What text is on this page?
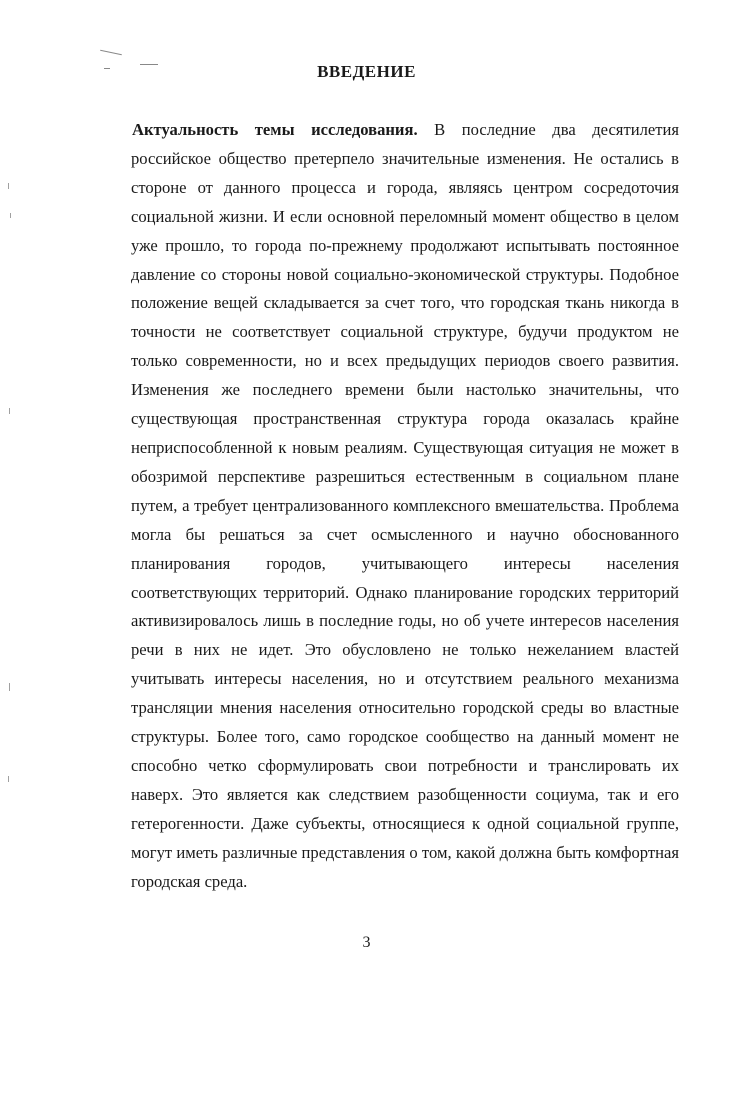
ВВЕДЕНИЕ
Актуальность темы исследования. В последние два десятилетия российское общество претерпело значительные изменения. Не остались в стороне от данного процесса и города, являясь центром сосредоточия социальной жизни. И если основной переломный момент общество в целом уже прошло, то города по-прежнему продолжают испытывать постоянное давление со стороны новой социально-экономической структуры. Подобное положение вещей складывается за счет того, что городская ткань никогда в точности не соответствует социальной структуре, будучи продуктом не только современности, но и всех предыдущих периодов своего развития. Изменения же последнего времени были настолько значительны, что существующая пространственная структура города оказалась крайне неприспособленной к новым реалиям. Существующая ситуация не может в обозримой перспективе разрешиться естественным в социальном плане путем, а требует централизованного комплексного вмешательства. Проблема могла бы решаться за счет осмысленного и научно обоснованного планирования городов, учитывающего интересы населения соответствующих территорий. Однако планирование городских территорий активизировалось лишь в последние годы, но об учете интересов населения речи в них не идет. Это обусловлено не только нежеланием властей учитывать интересы населения, но и отсутствием реального механизма трансляции мнения населения относительно городской среды во властные структуры. Более того, само городское сообщество на данный момент не способно четко сформулировать свои потребности и транслировать их наверх. Это является как следствием разобщенности социума, так и его гетерогенности. Даже субъекты, относящиеся к одной социальной группе, могут иметь различные представления о том, какой должна быть комфортная городская среда.
3
